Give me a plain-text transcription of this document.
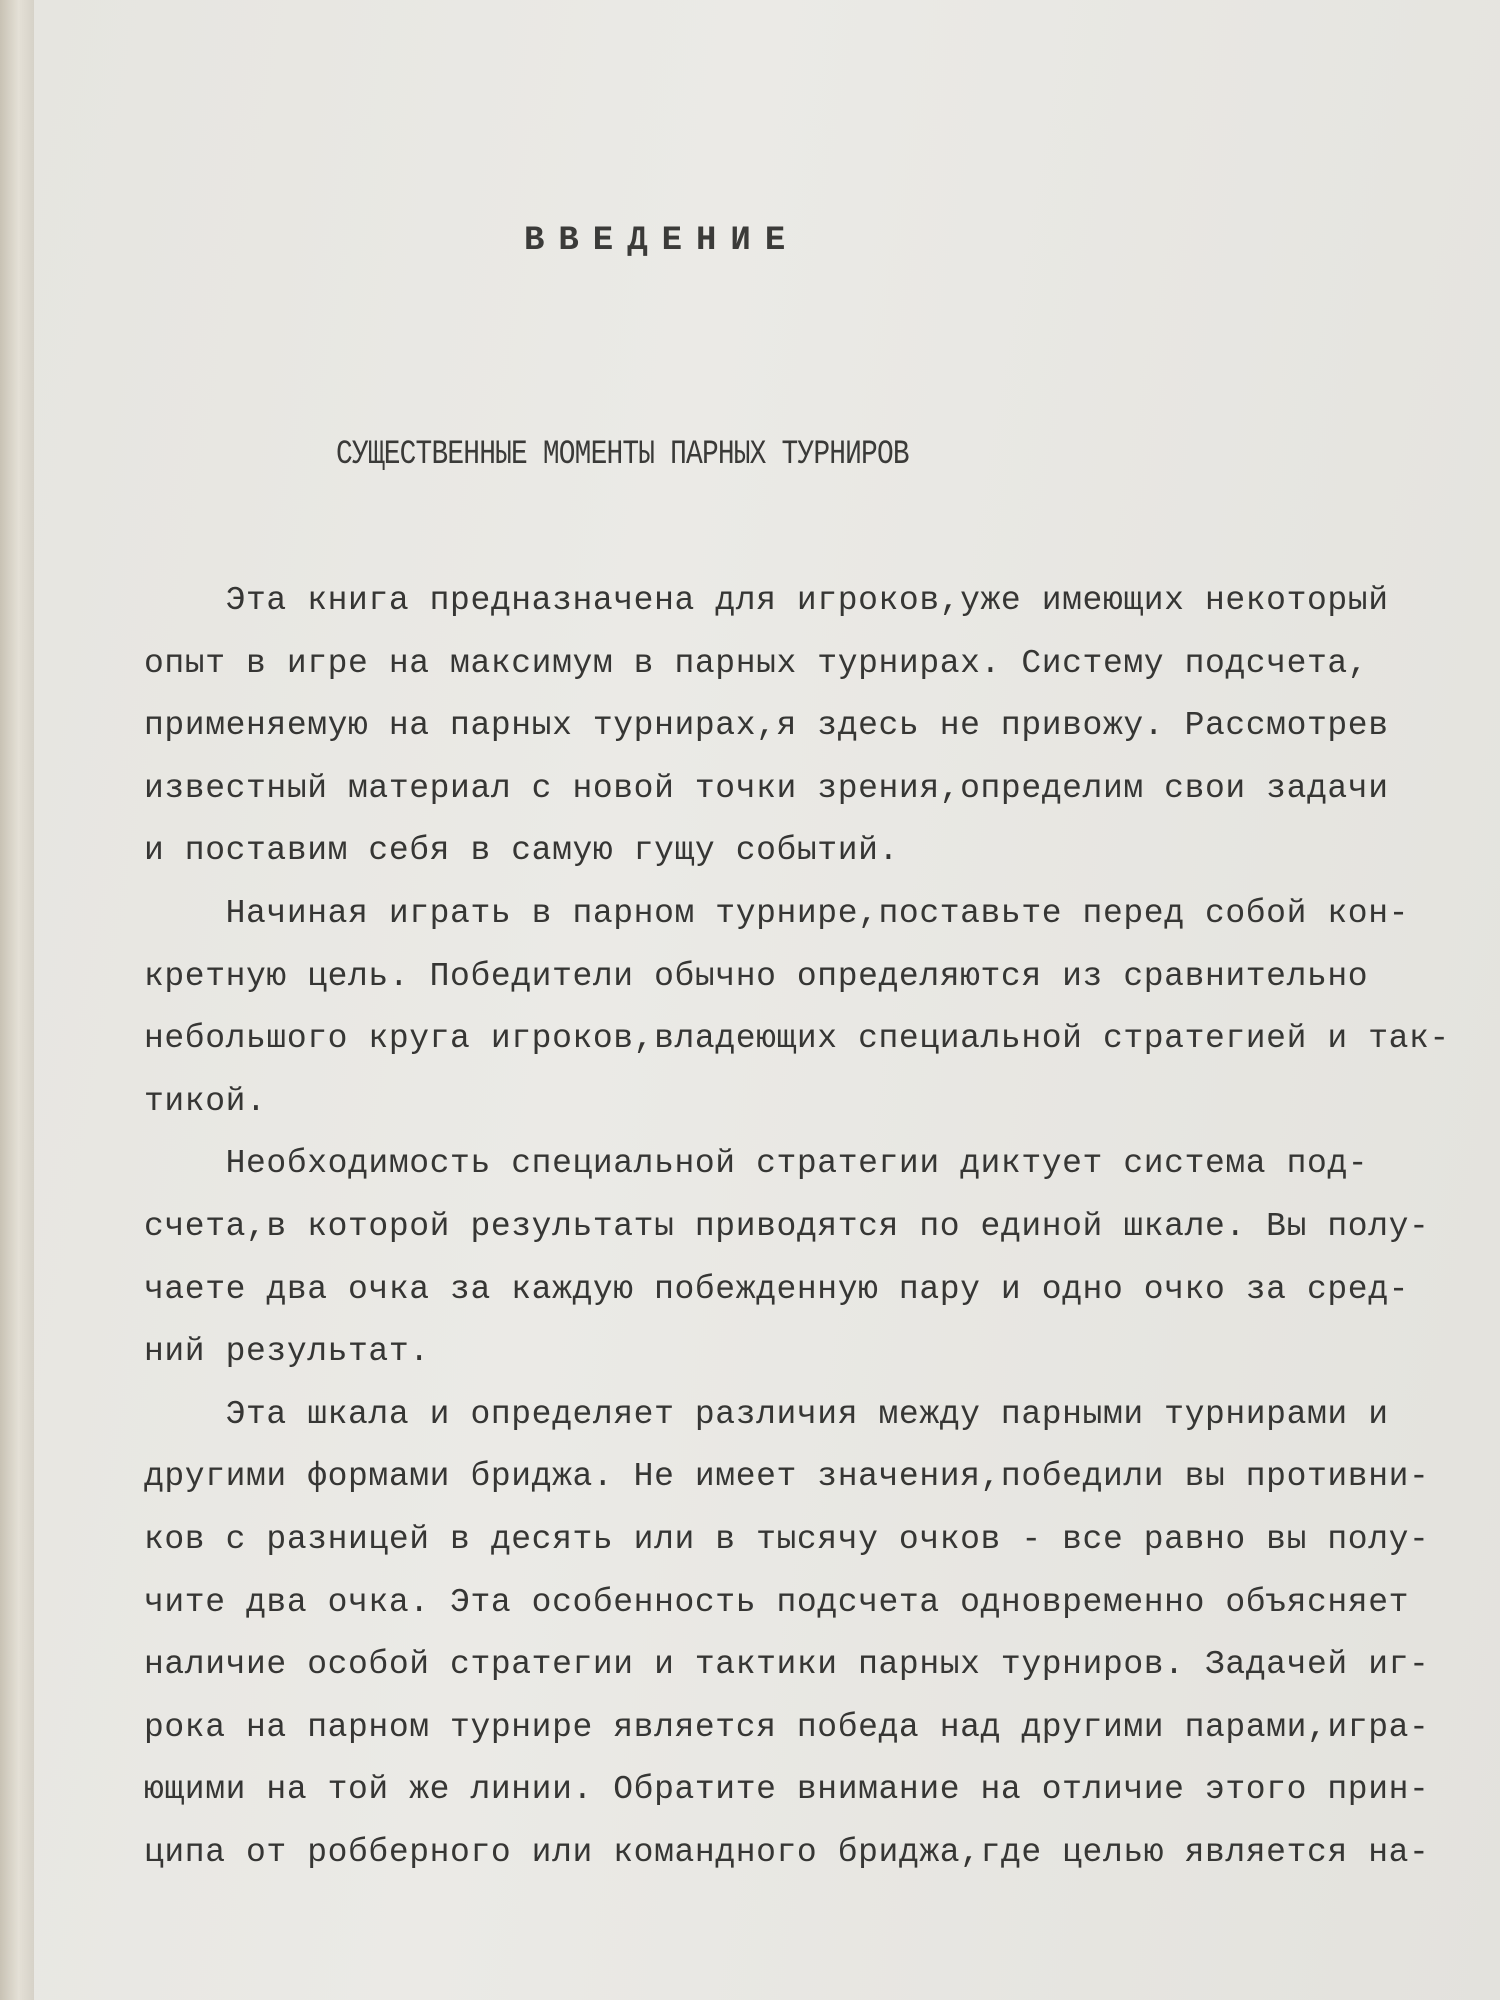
ВВЕДЕНИЕ
СУЩЕСТВЕННЫЕ МОМЕНТЫ ПАРНЫХ ТУРНИРОВ
Эта книга предназначена для игроков,уже имеющих некоторый
опыт в игре на максимум в парных турнирах. Систему подсчета,
применяемую на парных турнирах,я здесь не привожу. Рассмотрев
известный материал с новой точки зрения,определим свои задачи
и поставим себя в самую гущу событий.
Начиная играть в парном турнире,поставьте перед собой кон-
кретную цель. Победители обычно определяются из сравнительно
небольшого круга игроков,владеющих специальной стратегией и так-
тикой.
Необходимость специальной стратегии диктует система под-
счета,в которой результаты приводятся по единой шкале. Вы полу-
чаете два очка за каждую побежденную пару и одно очко за сред-
ний результат.
Эта шкала и определяет различия между парными турнирами и
другими формами бриджа. Не имеет значения,победили вы противни-
ков с разницей в десять или в тысячу очков - все равно вы полу-
чите два очка. Эта особенность подсчета одновременно объясняет
наличие особой стратегии и тактики парных турниров. Задачей иг-
рока на парном турнире является победа над другими парами,игра-
ющими на той же линии. Обратите внимание на отличие этого прин-
ципа от робберного или командного бриджа,где целью является на-
